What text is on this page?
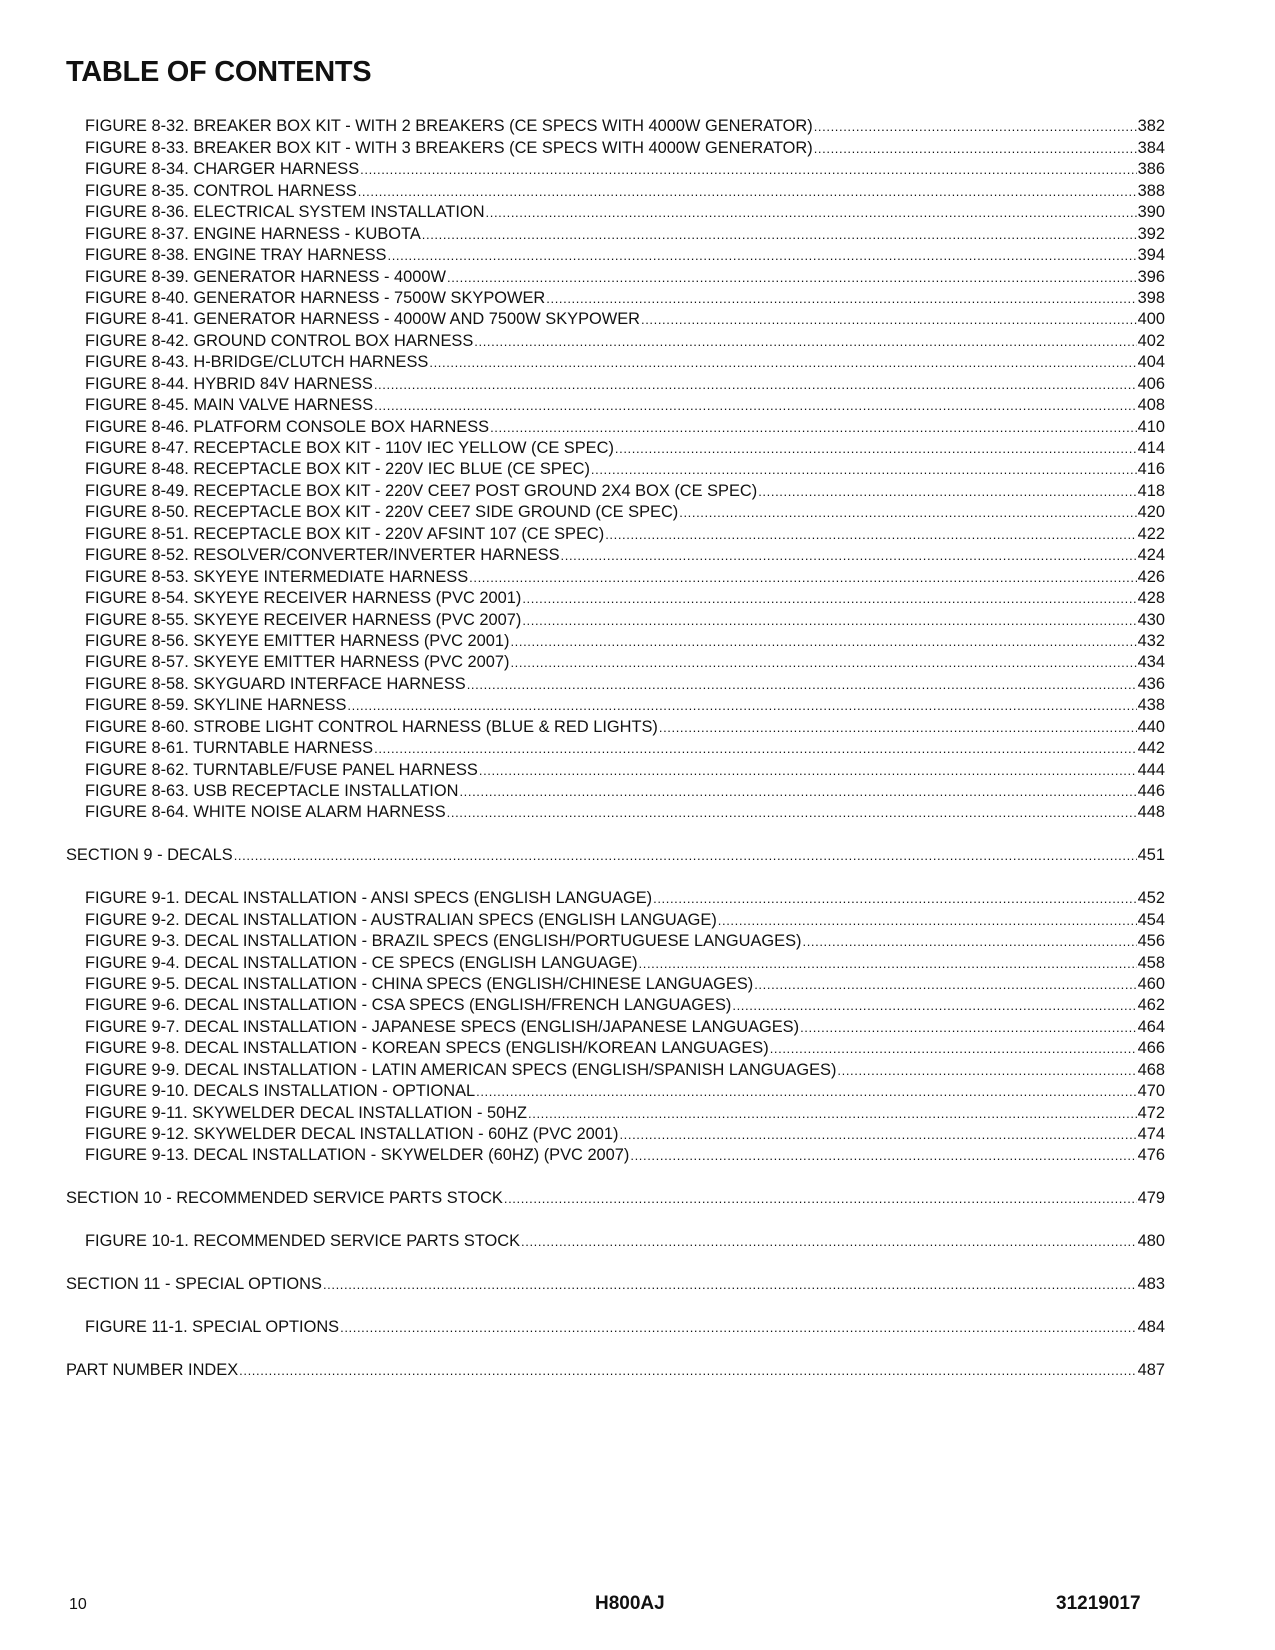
TABLE OF CONTENTS
FIGURE 8-32. BREAKER BOX KIT - WITH 2 BREAKERS (CE SPECS WITH 4000W GENERATOR) .....	382
FIGURE 8-33. BREAKER BOX KIT - WITH 3 BREAKERS (CE SPECS WITH 4000W GENERATOR) .....	384
FIGURE 8-34. CHARGER HARNESS .....	386
FIGURE 8-35. CONTROL HARNESS .....	388
FIGURE 8-36. ELECTRICAL SYSTEM INSTALLATION .....	390
FIGURE 8-37. ENGINE HARNESS - KUBOTA .....	392
FIGURE 8-38. ENGINE TRAY HARNESS .....	394
FIGURE 8-39. GENERATOR HARNESS - 4000W .....	396
FIGURE 8-40. GENERATOR HARNESS - 7500W SKYPOWER .....	398
FIGURE 8-41. GENERATOR HARNESS - 4000W AND 7500W SKYPOWER .....	400
FIGURE 8-42. GROUND CONTROL BOX HARNESS .....	402
FIGURE 8-43. H-BRIDGE/CLUTCH HARNESS .....	404
FIGURE 8-44. HYBRID 84V HARNESS .....	406
FIGURE 8-45. MAIN VALVE HARNESS .....	408
FIGURE 8-46. PLATFORM CONSOLE BOX HARNESS .....	410
FIGURE 8-47. RECEPTACLE BOX KIT - 110V IEC YELLOW (CE SPEC) .....	414
FIGURE 8-48. RECEPTACLE BOX KIT - 220V IEC BLUE (CE SPEC) .....	416
FIGURE 8-49. RECEPTACLE BOX KIT - 220V CEE7 POST GROUND 2X4 BOX (CE SPEC) .....	418
FIGURE 8-50. RECEPTACLE BOX KIT - 220V CEE7 SIDE GROUND (CE SPEC) .....	420
FIGURE 8-51. RECEPTACLE BOX KIT - 220V AFSINT 107 (CE SPEC) .....	422
FIGURE 8-52. RESOLVER/CONVERTER/INVERTER HARNESS .....	424
FIGURE 8-53. SKYEYE INTERMEDIATE HARNESS .....	426
FIGURE 8-54. SKYEYE RECEIVER HARNESS (PVC 2001) .....	428
FIGURE 8-55. SKYEYE RECEIVER HARNESS (PVC 2007) .....	430
FIGURE 8-56. SKYEYE EMITTER HARNESS (PVC 2001) .....	432
FIGURE 8-57. SKYEYE EMITTER HARNESS (PVC 2007) .....	434
FIGURE 8-58. SKYGUARD INTERFACE HARNESS .....	436
FIGURE 8-59. SKYLINE HARNESS .....	438
FIGURE 8-60. STROBE LIGHT CONTROL HARNESS (BLUE & RED LIGHTS) .....	440
FIGURE 8-61. TURNTABLE HARNESS .....	442
FIGURE 8-62. TURNTABLE/FUSE PANEL HARNESS .....	444
FIGURE 8-63. USB RECEPTACLE INSTALLATION .....	446
FIGURE 8-64. WHITE NOISE ALARM HARNESS .....	448
SECTION 9 - DECALS .....	451
FIGURE 9-1. DECAL INSTALLATION - ANSI SPECS (ENGLISH LANGUAGE) .....	452
FIGURE 9-2. DECAL INSTALLATION - AUSTRALIAN SPECS (ENGLISH LANGUAGE) .....	454
FIGURE 9-3. DECAL INSTALLATION - BRAZIL SPECS (ENGLISH/PORTUGUESE LANGUAGES) .....	456
FIGURE 9-4. DECAL INSTALLATION - CE SPECS (ENGLISH LANGUAGE) .....	458
FIGURE 9-5. DECAL INSTALLATION - CHINA SPECS (ENGLISH/CHINESE LANGUAGES) .....	460
FIGURE 9-6. DECAL INSTALLATION - CSA SPECS (ENGLISH/FRENCH LANGUAGES) .....	462
FIGURE 9-7. DECAL INSTALLATION - JAPANESE SPECS (ENGLISH/JAPANESE LANGUAGES) .....	464
FIGURE 9-8. DECAL INSTALLATION - KOREAN SPECS (ENGLISH/KOREAN LANGUAGES) .....	466
FIGURE 9-9. DECAL INSTALLATION - LATIN AMERICAN SPECS (ENGLISH/SPANISH LANGUAGES) .....	468
FIGURE 9-10. DECALS INSTALLATION - OPTIONAL .....	470
FIGURE 9-11. SKYWELDER DECAL INSTALLATION - 50HZ .....	472
FIGURE 9-12. SKYWELDER DECAL INSTALLATION - 60HZ (PVC 2001) .....	474
FIGURE 9-13. DECAL INSTALLATION - SKYWELDER (60HZ) (PVC 2007) .....	476
SECTION 10 - RECOMMENDED SERVICE PARTS STOCK .....	479
FIGURE 10-1. RECOMMENDED SERVICE PARTS STOCK .....	480
SECTION 11 - SPECIAL OPTIONS .....	483
FIGURE 11-1. SPECIAL OPTIONS .....	484
PART NUMBER INDEX .....	487
10	H800AJ	31219017
